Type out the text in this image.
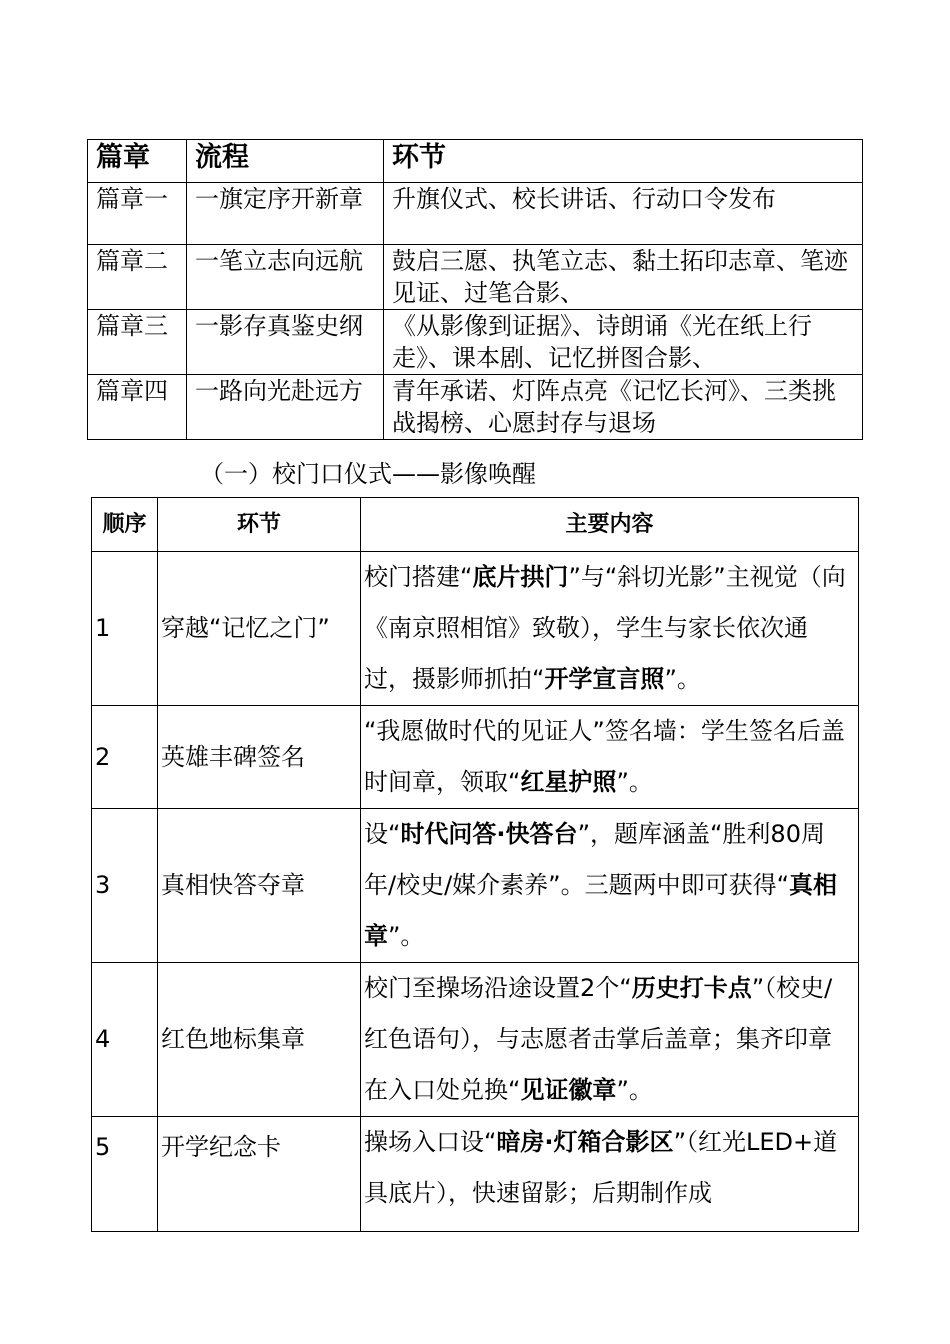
篇章	流程	环节
篇章一	一旗定序开新章	升旗仪式、校长讲话、行动口令发布
篇章二	一笔立志向远航	鼓启三愿、执笔立志、黏土拓印志章、笔迹见证、过笔合影、
篇章三	一影存真鉴史纲	《从影像到证据》、诗朗诵《光在纸上行走》、课本剧、记忆拼图合影、
篇章四	一路向光赴远方	青年承诺、灯阵点亮《记忆长河》、三类挑战揭榜、心愿封存与退场
（一）校门口仪式——影像唤醒
顺序	环节	主要内容
1	穿越“记忆之门”	校门搭建“底片拱门”与“斜切光影”主视觉（向《南京照相馆》致敬），学生与家长依次通过，摄影师抓拍“开学宣言照”。
2	英雄丰碑签名	“我愿做时代的见证人”签名墙：学生签名后盖时间章，领取“红星护照”。
3	真相快答夺章	设“时代问答·快答台”，题库涵盖“胜利80周年/校史/媒介素养”。三题两中即可获得“真相章”。
4	红色地标集章	校门至操场沿途设置2个“历史打卡点”（校史/红色语句），与志愿者击掌后盖章；集齐印章在入口处兑换“见证徽章”。
5	开学纪念卡	操场入口设“暗房·灯箱合影区”（红光LED+道具底片），快速留影；后期制作成
